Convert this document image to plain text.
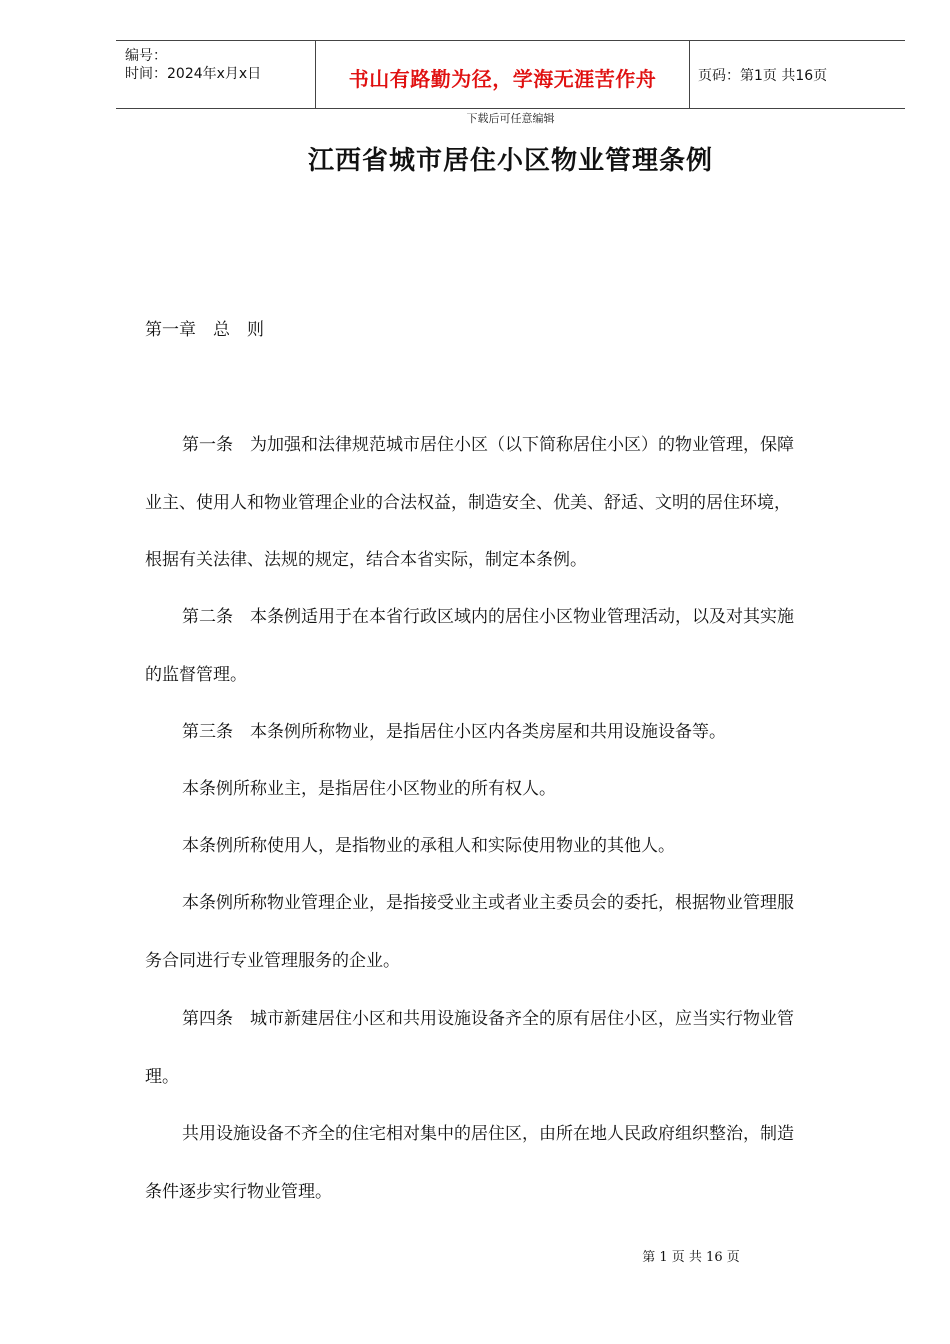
编号：
时间：2024年x月x日	书山有路勤为径，学海无涯苦作舟	页码：第1页 共16页
下载后可任意编辑
江西省城市居住小区物业管理条例
第一章　总　则
第一条　为加强和法律规范城市居住小区（以下简称居住小区）的物业管理，保障
业主、使用人和物业管理企业的合法权益，制造安全、优美、舒适、文明的居住环境，
根据有关法律、法规的规定，结合本省实际，制定本条例。
第二条　本条例适用于在本省行政区域内的居住小区物业管理活动，以及对其实施
的监督管理。
第三条　本条例所称物业，是指居住小区内各类房屋和共用设施设备等。
本条例所称业主，是指居住小区物业的所有权人。
本条例所称使用人，是指物业的承租人和实际使用物业的其他人。
本条例所称物业管理企业，是指接受业主或者业主委员会的委托，根据物业管理服
务合同进行专业管理服务的企业。
第四条　城市新建居住小区和共用设施设备齐全的原有居住小区，应当实行物业管
理。
共用设施设备不齐全的住宅相对集中的居住区，由所在地人民政府组织整治，制造
条件逐步实行物业管理。
第 1 页 共 16 页
